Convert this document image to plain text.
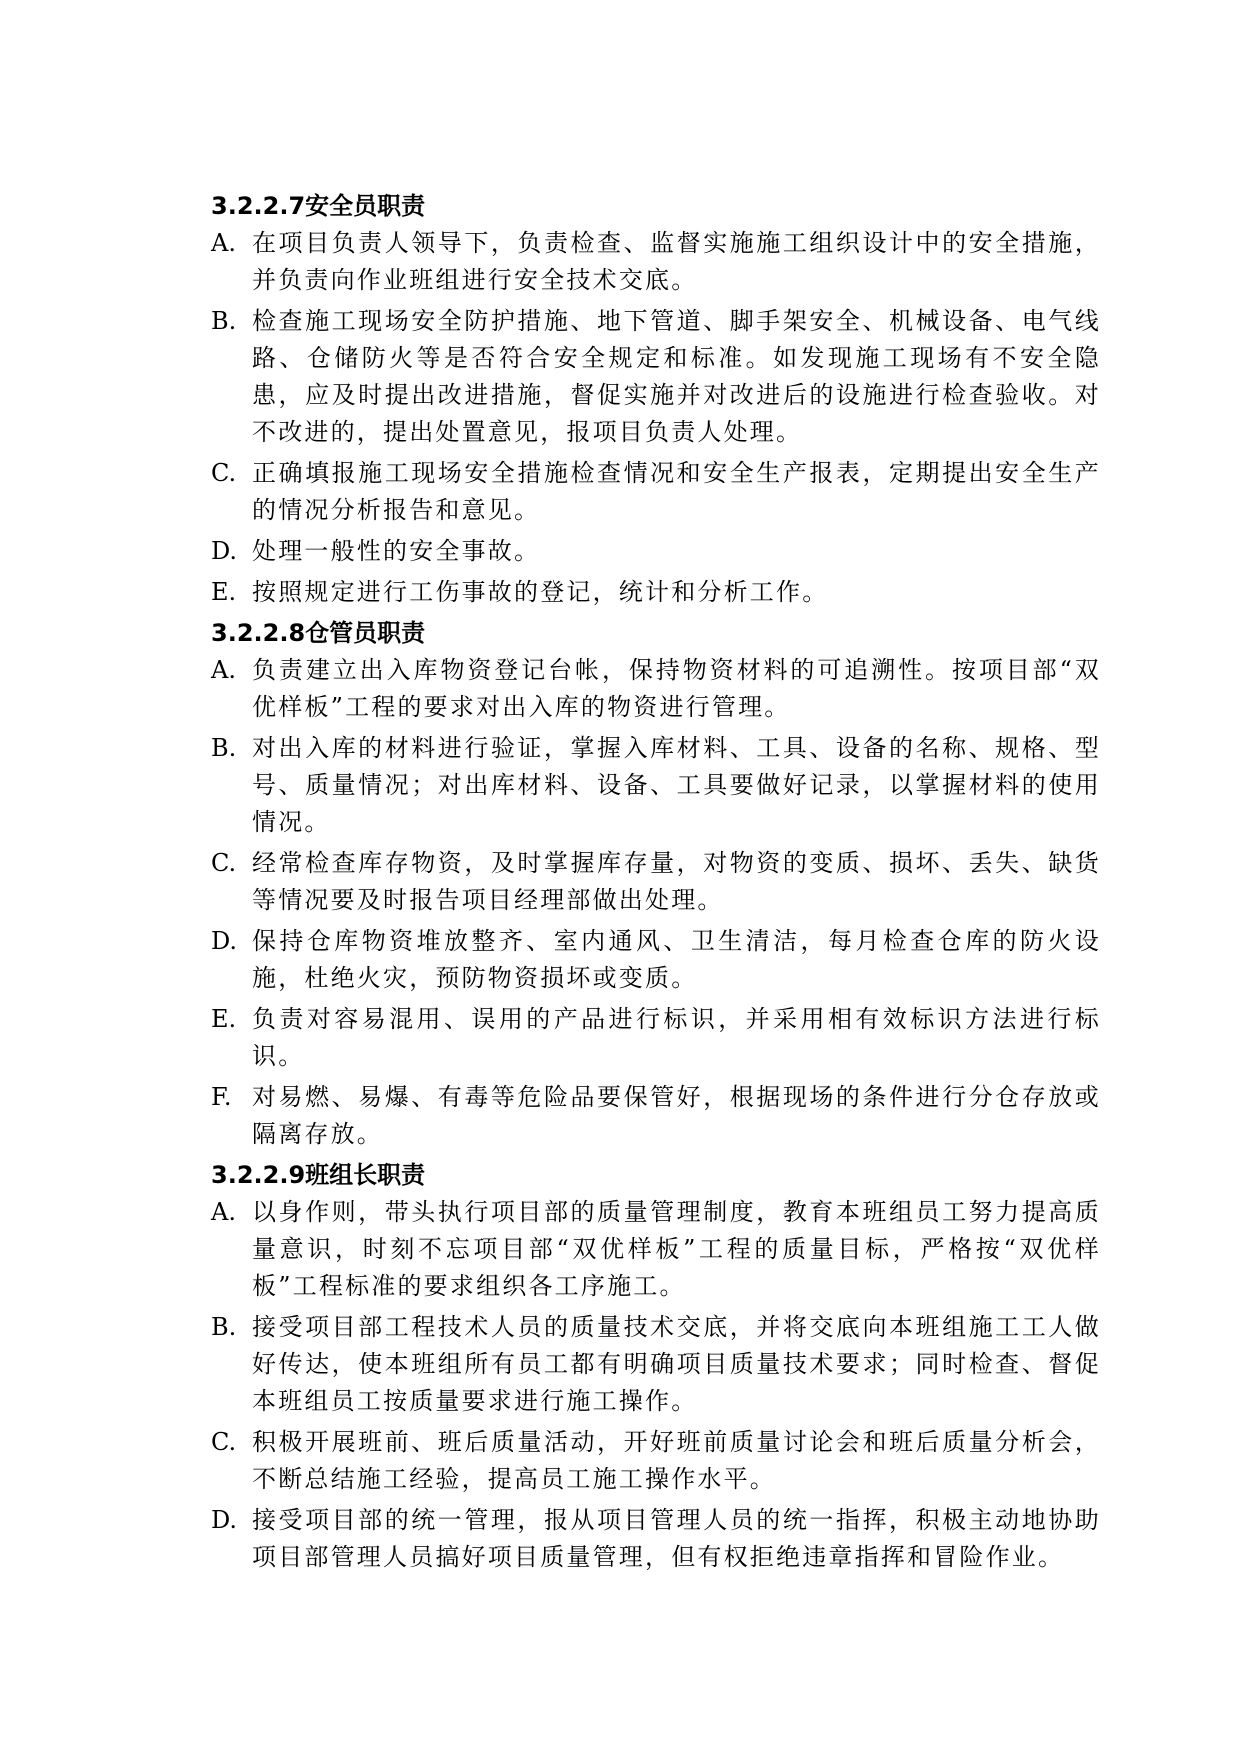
3.2.2.7安全员职责
A. 在项目负责人领导下，负责检查、监督实施施工组织设计中的安全措施，并负责向作业班组进行安全技术交底。
B. 检查施工现场安全防护措施、地下管道、脚手架安全、机械设备、电气线路、仓储防火等是否符合安全规定和标准。如发现施工现场有不安全隐患，应及时提出改进措施，督促实施并对改进后的设施进行检查验收。对不改进的，提出处置意见，报项目负责人处理。
C. 正确填报施工现场安全措施检查情况和安全生产报表，定期提出安全生产的情况分析报告和意见。
D. 处理一般性的安全事故。
E. 按照规定进行工伤事故的登记，统计和分析工作。
3.2.2.8仓管员职责
A. 负责建立出入库物资登记台帐，保持物资材料的可追溯性。按项目部“双优样板”工程的要求对出入库的物资进行管理。
B. 对出入库的材料进行验证，掌握入库材料、工具、设备的名称、规格、型号、质量情况；对出库材料、设备、工具要做好记录，以掌握材料的使用情况。
C. 经常检查库存物资，及时掌握库存量，对物资的变质、损坏、丢失、缺货等情况要及时报告项目经理部做出处理。
D. 保持仓库物资堆放整齐、室内通风、卫生清洁，每月检查仓库的防火设施，杜绝火灾，预防物资损坏或变质。
E. 负责对容易混用、误用的产品进行标识，并采用相有效标识方法进行标识。
F. 对易燃、易爆、有毒等危险品要保管好，根据现场的条件进行分仓存放或隔离存放。
3.2.2.9班组长职责
A. 以身作则，带头执行项目部的质量管理制度，教育本班组员工努力提高质量意识，时刻不忘项目部“双优样板”工程的质量目标，严格按“双优样板”工程标准的要求组织各工序施工。
B. 接受项目部工程技术人员的质量技术交底，并将交底向本班组施工工人做好传达，使本班组所有员工都有明确项目质量技术要求；同时检查、督促本班组员工按质量要求进行施工操作。
C. 积极开展班前、班后质量活动，开好班前质量讨论会和班后质量分析会，不断总结施工经验，提高员工施工操作水平。
D. 接受项目部的统一管理，报从项目管理人员的统一指挥，积极主动地协助项目部管理人员搞好项目质量管理，但有权拒绝违章指挥和冒险作业。
